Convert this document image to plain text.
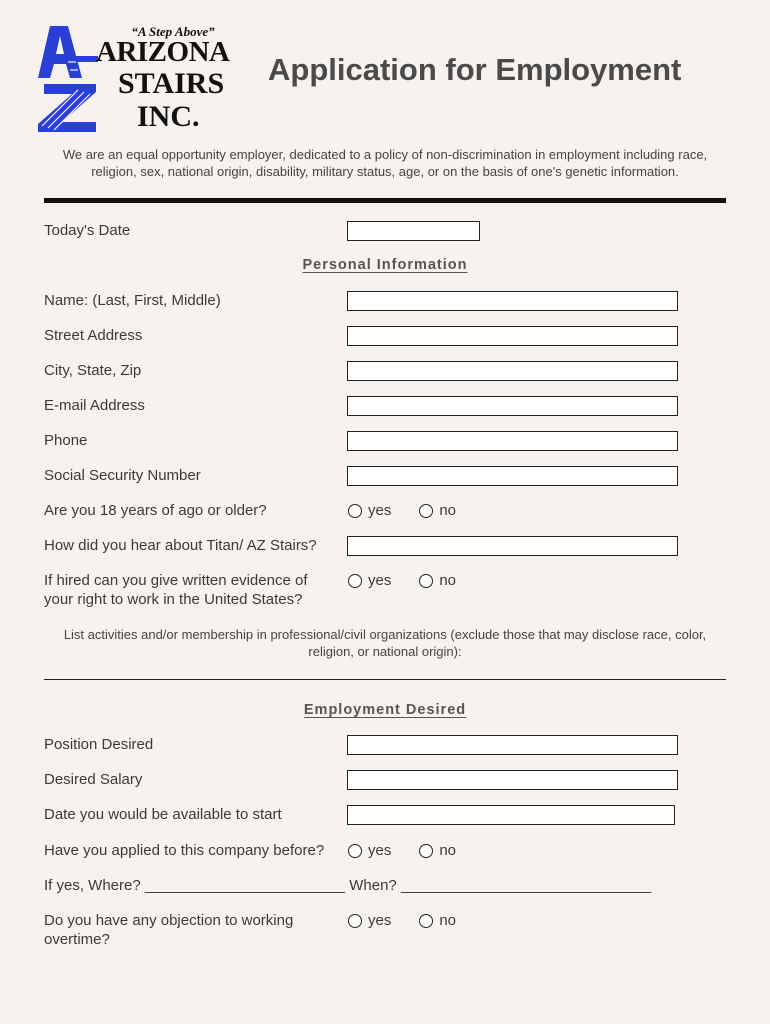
“A Step Above”
ARIZONA
STAIRS
INC.
Application for Employment
We are an equal opportunity employer, dedicated to a policy of non-discrimination in employment including race, religion, sex, national origin, disability, military status, age, or on the basis of one's genetic information.
Today's Date
Personal Information
Name: (Last, First, Middle)
Street Address
City, State, Zip
E-mail Address
Phone
Social Security Number
Are you 18 years of ago or older?	yes	no
How did you hear about Titan/ AZ Stairs?
If hired can you give written evidence of
your right to work in the United States?
yes	no
List activities and/or membership in professional/civil organizations (exclude those that may disclose race, color, religion, or national origin):
Employment Desired
Position Desired
Desired Salary
Date you would be available to start
Have you applied to this company before?	yes	no
If yes, Where? ________________________ When? ______________________________
Do you have any objection to working
overtime?
yes	no
